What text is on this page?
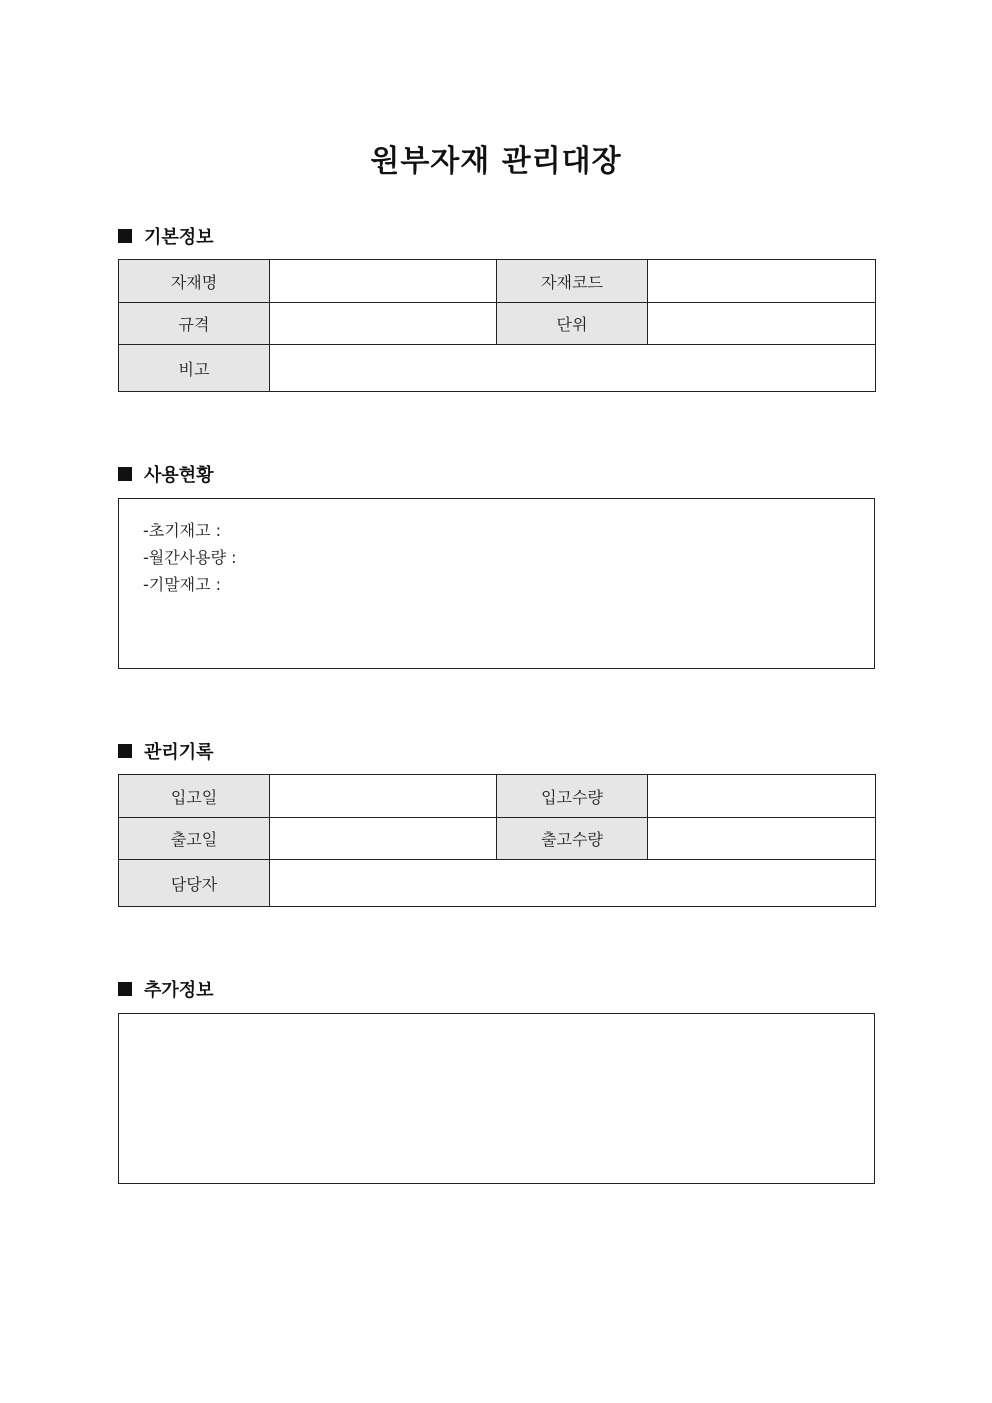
원부자재 관리대장
기본정보
자재명		자재코드	
규격		단위	
비고			
사용현황
-초기재고 :
-월간사용량 :
-기말재고 :
관리기록
입고일		입고수량	
출고일		출고수량	
담당자			
추가정보
